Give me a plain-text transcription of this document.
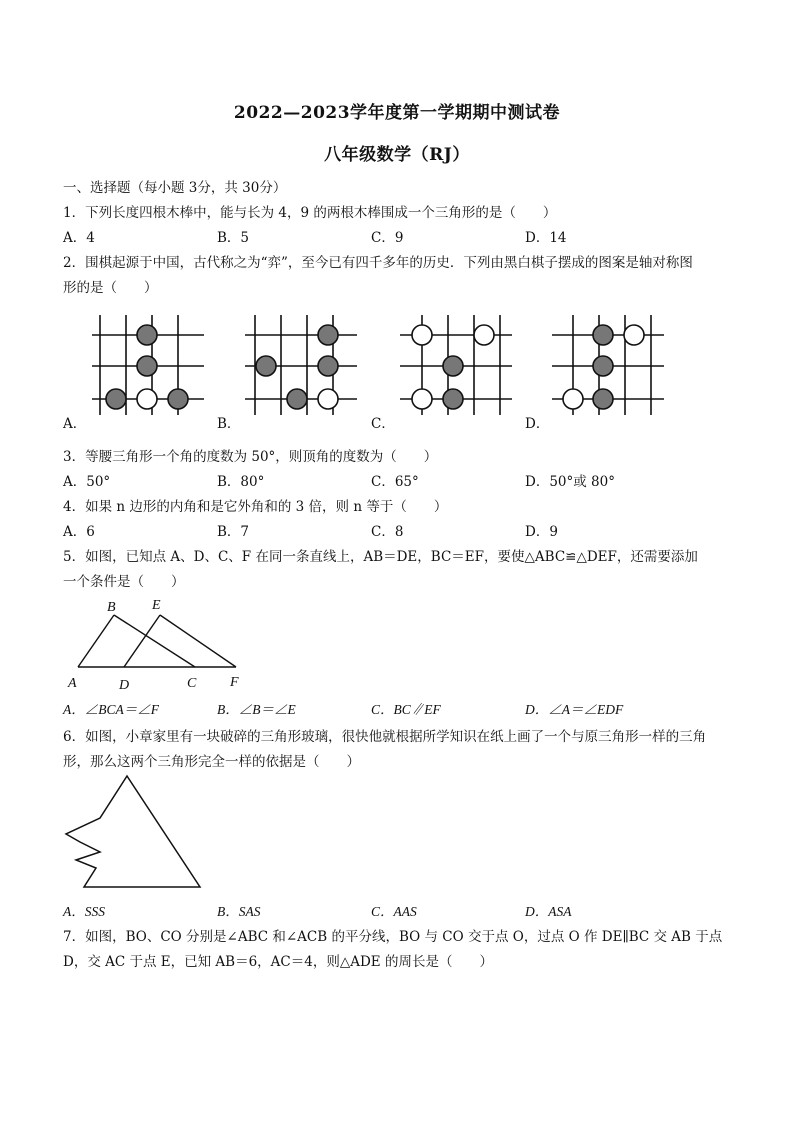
2022—2023学年度第一学期期中测试卷
八年级数学（RJ）
一、选择题（每小题 3分，共 30分）
1．下列长度四根木棒中，能与长为 4，9 的两根木棒围成一个三角形的是（　　）
A．4	B．5	C．9	D．14
2．围棋起源于中国，古代称之为“弈”，至今已有四千多年的历史．下列由黑白棋子摆成的图案是轴对称图
形的是（　　）
A．	B．	C．	D．
3．等腰三角形一个角的度数为 50°，则顶角的度数为（　　）
A．50°	B．80°	C．65°	D．50°或 80°
4．如果 n 边形的内角和是它外角和的 3 倍，则 n 等于（　　）
A．6	B．7	C．8	D．9
5．如图，已知点 A、D、C、F 在同一条直线上，AB＝DE，BC＝EF，要使△ABC≌△DEF，还需要添加
一个条件是（　　）
B	E
A	D	C F
A．∠BCA＝∠F	B．∠B＝∠E	C．BC∥EF	D．∠A＝∠EDF
6．如图，小章家里有一块破碎的三角形玻璃，很快他就根据所学知识在纸上画了一个与原三角形一样的三角
形，那么这两个三角形完全一样的依据是（　　）
A．SSS	B．SAS	C．AAS	D．ASA
7．如图，BO、CO 分别是∠ABC 和∠ACB 的平分线，BO 与 CO 交于点 O，过点 O 作 DE∥BC 交 AB 于点
D，交 AC 于点 E，已知 AB＝6，AC＝4，则△ADE 的周长是（　　）
